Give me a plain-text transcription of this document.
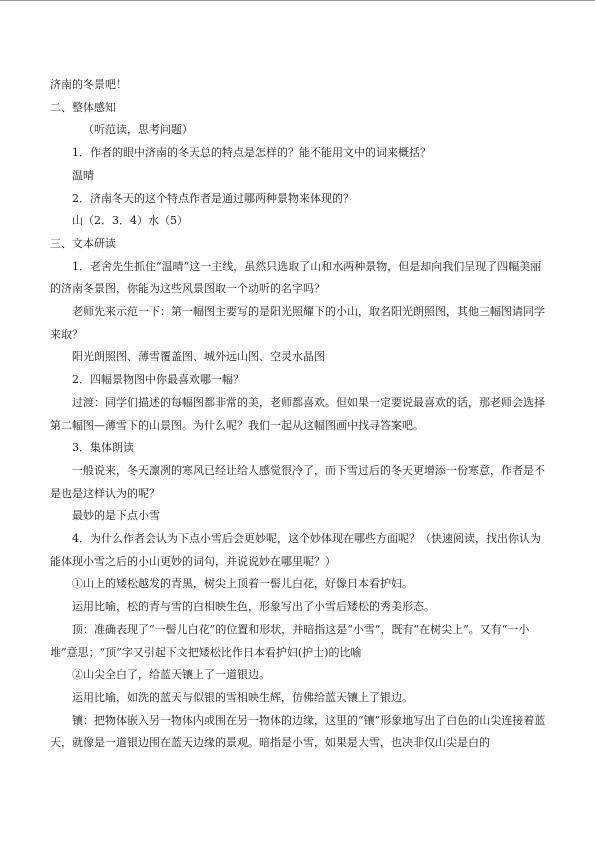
济南的冬景吧！

二、整体感知

（听范读，思考问题）

1．作者的眼中济南的冬天总的特点是怎样的？能不能用文中的词来概括？

温晴

2．济南冬天的这个特点作者是通过哪两种景物来体现的？

山（2．3．4）水（5）

三、文本研读

1．老舍先生抓住“温晴”这一主线，虽然只选取了山和水两种景物，但是却向我们呈现了四幅美丽的济南冬景图，你能为这些风景图取一个动听的名字吗？

老师先来示范一下：第一幅图主要写的是阳光照耀下的小山，取名阳光朗照图，其他三幅图请同学来取？

阳光朗照图、薄雪覆盖图、城外远山图、空灵水晶图

2．四幅景物图中你最喜欢哪一幅？

过渡：同学们描述的每幅图都非常的美，老师都喜欢。但如果一定要说最喜欢的话，那老师会选择第二幅图—薄雪下的山景图。为什么呢？我们一起从这幅图画中找寻答案吧。

3．集体朗读

一般说来，冬天凛冽的寒风已经让给人感觉很冷了，而下雪过后的冬天更增添一份寒意，作者是不是也是这样认为的呢？

最妙的是下点小雪

4．为什么作者会认为下点小雪后会更妙呢，这个妙体现在哪些方面呢？（快速阅读，找出你认为能体现小雪之后的小山更妙的词句，并说说妙在哪里呢？）

①山上的矮松越发的青黑，树尖上顶着一髻儿白花，好像日本看护妇。

运用比喻，松的青与雪的白相映生色，形象写出了小雪后矮松的秀美形态。

顶：准确表现了“一髻儿白花”的位置和形状，并暗指这是“小雪”，既有“在树尖上”。又有“一小堆”意思；“顶”字又引起下文把矮松比作日本看护妇(护士)的比喻

②山尖全白了，给蓝天镶上了一道银边。

运用比喻，如洗的蓝天与似银的雪相映生辉，仿佛给蓝天镶上了银边。

镶：把物体嵌入另一物体内或围在另一物体的边缘，这里的“镶”形象地写出了白色的山尖连接着蓝天，就像是一道银边围在蓝天边缘的景观。暗指是小雪，如果是大雪，也决非仅山尖是白的
